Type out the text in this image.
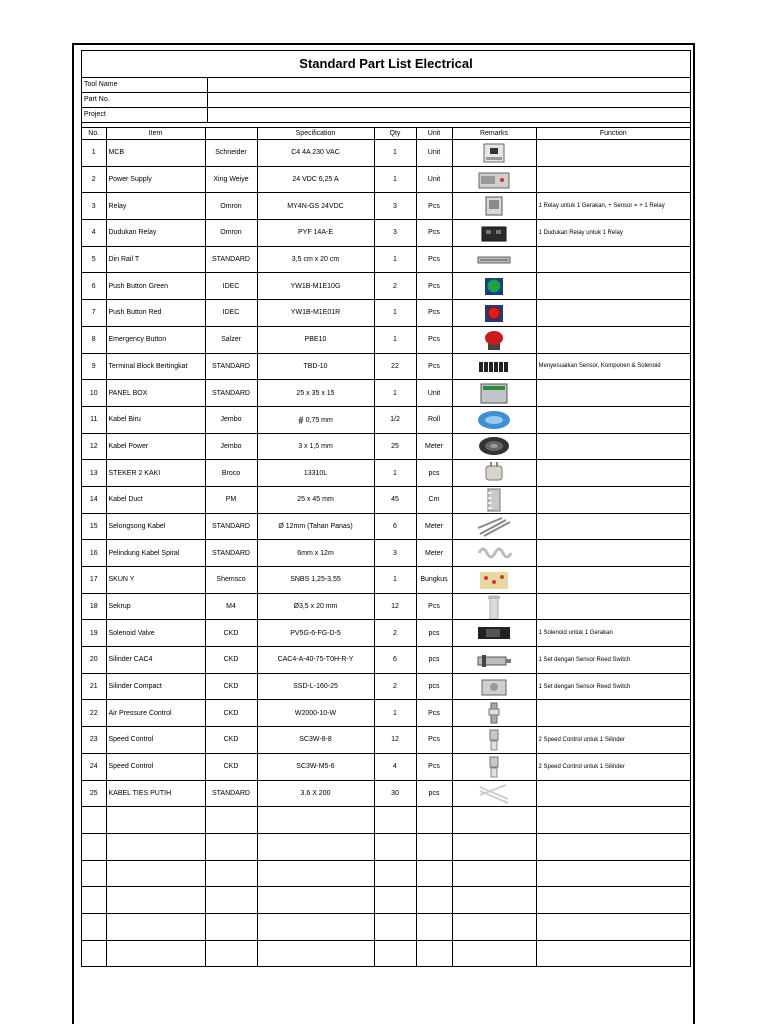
Standard Part List Electrical
Tool Name
Part No.
Project
No.	Item		Specification	Qty	Unit	Remarks	Function
1	MCB	Schneider	C4 4A 230 VAC	1	Unit	

2	Power Supply	Xing Weiye	24 VDC 6,25 A	1	Unit	

3	Relay	Omron	MY4N-GS 24VDC	3	Pcs		1 Relay untuk 1 Gerakan, + Sensor = + 1 Relay
4	Dudukan Relay	Omron	PYF 14A-E	3	Pcs		1 Dudukan Relay untuk 1 Relay
5	Din Rail T	STANDARD	3,5 cm x 20 cm	1	Pcs	

6	Push Button Green	IDEC	YW1B-M1E10G	2	Pcs	

7	Push Button Red	IDEC	YW1B-M1E01R	1	Pcs	

8	Emergency Button	Salzer	PBE10	1	Pcs	

9	Terminal Block Bertingkat	STANDARD	TBD-10	22	Pcs		Menyesuaikan Sensor, Komponen & Solenoid
10	PANEL BOX	STANDARD	25 x 35 x 15	1	Unit	

11	Kabel Biru	Jembo	∯ 0,75 mm	1/2	Roll	

12	Kabel Power	Jembo	3 x 1,5 mm	25	Meter	

13	STEKER 2 KAKI	Broco	13310L	1	pcs	

14	Kabel Duct	PM	25 x 45 mm	45	Cm	

15	Selongsong Kabel	STANDARD	Ø 12mm (Tahan Panas)	6	Meter	

16	Pelindung Kabel Spiral	STANDARD	6mm x 12m	3	Meter	

17	SKUN Y	Shemsco	SNBS 1,25-3,55	1	Bungkus	

18	Sekrup	M4	Ø3,5 x 20 mm	12	Pcs	

19	Solenoid Valve	CKD	PV5G-6-FG-D-5	2	pcs		1 Solenoid untuk 1 Gerakan
20	Silinder CAC4	CKD	CAC4-A-40-75-T0H-R-Y	6	pcs		1 Set dengan Sensor Reed Switch
21	Silinder Compact	CKD	SSD-L-160-25	2	pcs		1 Set dengan Sensor Reed Switch
22	Air Pressure Control	CKD	W2000-10-W	1	Pcs	

23	Speed Control	CKD	SC3W-8-8	12	Pcs		2 Speed Control untuk 1 Silinder
24	Speed Control	CKD	SC3W-M5-6	4	Pcs		2 Speed Control untuk 1 Silinder
25	KABEL TIES PUTIH	STANDARD	3.6 X 200	30	pcs	
